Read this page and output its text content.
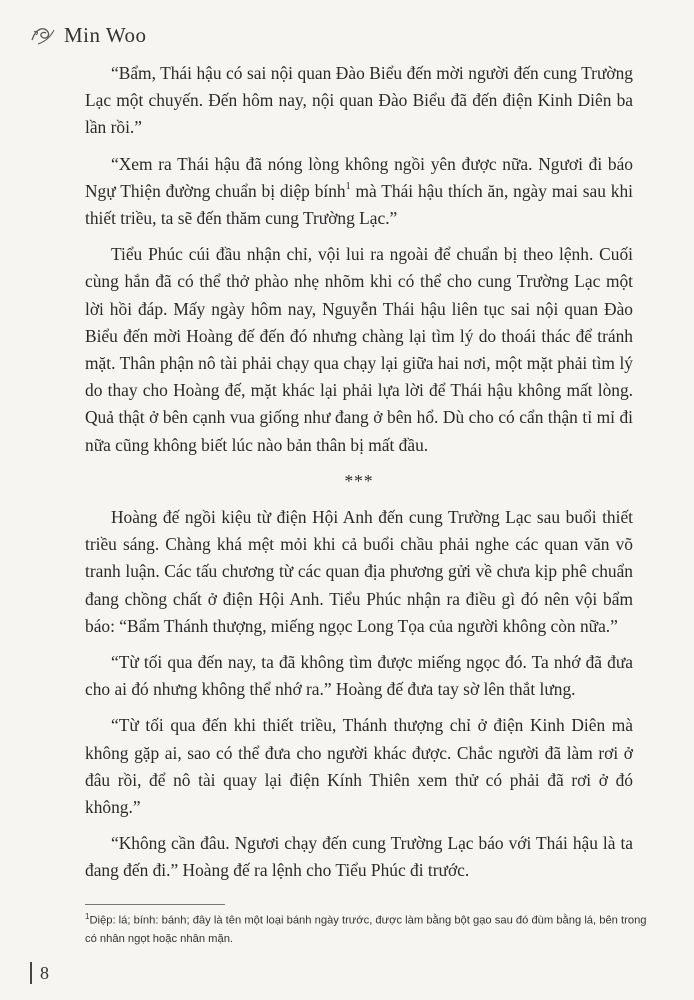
Min Woo

“Bẩm, Thái hậu có sai nội quan Đào Biểu đến mời người đến cung Trường Lạc một chuyến. Đến hôm nay, nội quan Đào Biểu đã đến điện Kinh Diên ba lần rồi.”

“Xem ra Thái hậu đã nóng lòng không ngồi yên được nữa. Ngươi đi báo Ngự Thiện đường chuẩn bị diệp bính$^1$ mà Thái hậu thích ăn, ngày mai sau khi thiết triều, ta sẽ đến thăm cung Trường Lạc.”

Tiểu Phúc cúi đầu nhận chỉ, vội lui ra ngoài để chuẩn bị theo lệnh. Cuối cùng hắn đã có thể thở phào nhẹ nhõm khi có thể cho cung Trường Lạc một lời hồi đáp. Mấy ngày hôm nay, Nguyễn Thái hậu liên tục sai nội quan Đào Biểu đến mời Hoàng đế đến đó nhưng chàng lại tìm lý do thoái thác để tránh mặt. Thân phận nô tài phải chạy qua chạy lại giữa hai nơi, một mặt phải tìm lý do thay cho Hoàng đế, mặt khác lại phải lựa lời để Thái hậu không mất lòng. Quả thật ở bên cạnh vua giống như đang ở bên hổ. Dù cho có cẩn thận tỉ mỉ đi nữa cũng không biết lúc nào bản thân bị mất đầu.

***

Hoàng đế ngồi kiệu từ điện Hội Anh đến cung Trường Lạc sau buổi thiết triều sáng. Chàng khá mệt mỏi khi cả buổi chầu phải nghe các quan văn võ tranh luận. Các tấu chương từ các quan địa phương gửi về chưa kịp phê chuẩn đang chồng chất ở điện Hội Anh. Tiểu Phúc nhận ra điều gì đó nên vội bẩm báo: “Bẩm Thánh thượng, miếng ngọc Long Tọa của người không còn nữa.”

“Từ tối qua đến nay, ta đã không tìm được miếng ngọc đó. Ta nhớ đã đưa cho ai đó nhưng không thể nhớ ra.” Hoàng đế đưa tay sờ lên thắt lưng.

“Từ tối qua đến khi thiết triều, Thánh thượng chỉ ở điện Kinh Diên mà không gặp ai, sao có thể đưa cho người khác được. Chắc người đã làm rơi ở đâu rồi, để nô tài quay lại điện Kính Thiên xem thử có phải đã rơi ở đó không.”

“Không cần đâu. Ngươi chạy đến cung Trường Lạc báo với Thái hậu là ta đang đến đi.” Hoàng đế ra lệnh cho Tiểu Phúc đi trước.

$^1$Diệp: lá; bính: bánh; đây là tên một loại bánh ngày trước, được làm bằng bột gạo sau đó đùm bằng lá, bên trong có nhân ngọt hoặc nhân mặn.
8
